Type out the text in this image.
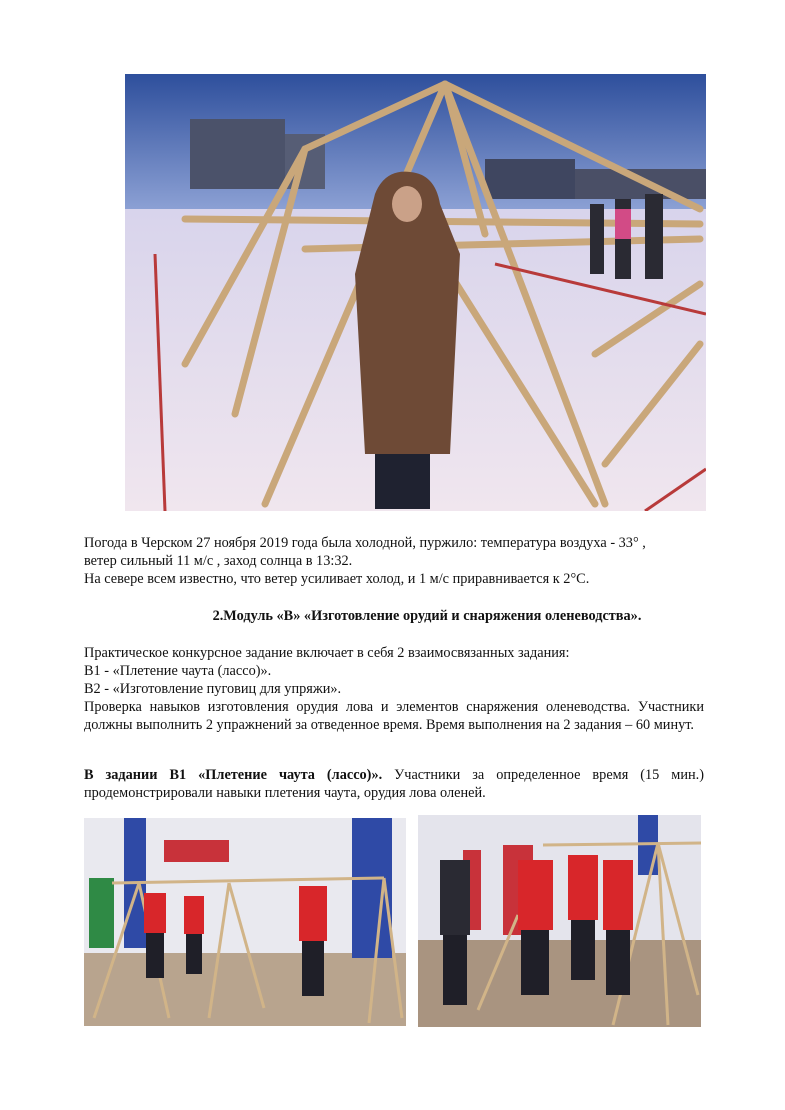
Погода в Черском 27 ноября 2019 года была холодной, пуржило: температура воздуха - 33° ,
ветер сильный 11 м/с , заход солнца в 13:32.
На севере всем известно, что ветер усиливает холод, и 1 м/с приравнивается к 2°С.
2.Модуль «В» «Изготовление орудий и снаряжения оленеводства».
Практическое конкурсное задание включает в себя 2 взаимосвязанных задания:
В1 - «Плетение чаута (лассо)».
В2 - «Изготовление пуговиц для упряжи».
Проверка навыков изготовления орудия лова и элементов снаряжения оленеводства. Участники должны выполнить 2 упражнений за отведенное время. Время выполнения на 2 задания – 60 минут.
В задании В1 «Плетение чаута (лассо)». Участники за определенное время (15 мин.) продемонстрировали навыки плетения чаута, орудия лова оленей.
